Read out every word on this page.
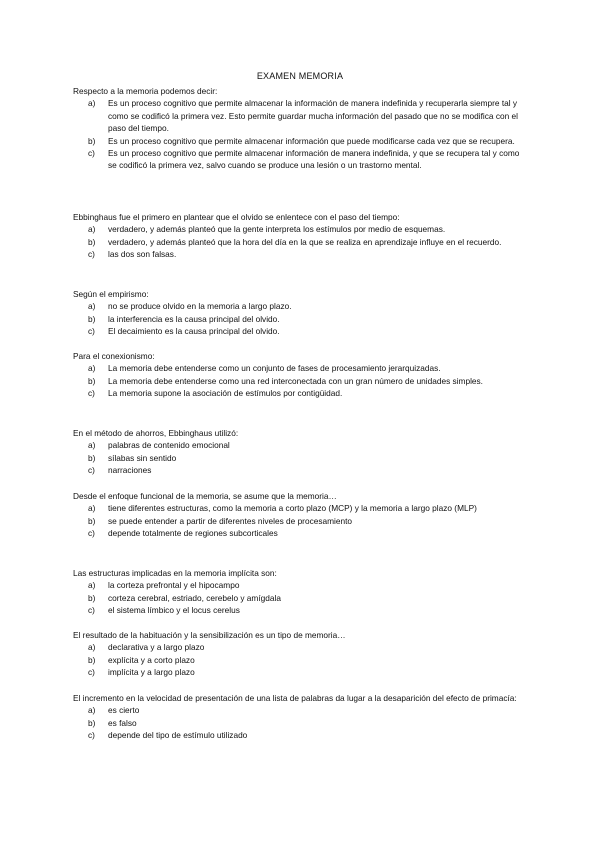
EXAMEN MEMORIA

Respecto a la memoria podemos decir:

a) Es un proceso cognitivo que permite almacenar la información de manera indefinida y recuperarla siempre tal y como se codificó la primera vez. Esto permite guardar mucha información del pasado que no se modifica con el paso del tiempo.
b) Es un proceso cognitivo que permite almacenar información que puede modificarse cada vez que se recupera.
c) Es un proceso cognitivo que permite almacenar información de manera indefinida, y que se recupera tal y como se codificó la primera vez, salvo cuando se produce una lesión o un trastorno mental.

Ebbinghaus fue el primero en plantear que el olvido se enlentece con el paso del tiempo:

a) verdadero, y además planteó que la gente interpreta los estímulos por medio de esquemas.
b) verdadero, y además planteó que la hora del día en la que se realiza en aprendizaje influye en el recuerdo.
c) las dos son falsas.

Según el empirismo:

a) no se produce olvido en la memoria a largo plazo.
b) la interferencia es la causa principal del olvido.
c) El decaimiento es la causa principal del olvido.

Para el conexionismo:

a) La memoria debe entenderse como un conjunto de fases de procesamiento jerarquizadas.
b) La memoria debe entenderse como una red interconectada con un gran número de unidades simples.
c) La memoria supone la asociación de estímulos por contigüidad.

En el método de ahorros, Ebbinghaus utilizó:

a) palabras de contenido emocional
b) sílabas sin sentido
c) narraciones

Desde el enfoque funcional de la memoria, se asume que la memoria…

a) tiene diferentes estructuras, como la memoria a corto plazo (MCP) y la memoria a largo plazo (MLP)
b) se puede entender a partir de diferentes niveles de procesamiento
c) depende totalmente de regiones subcorticales

Las estructuras implicadas en la memoria implícita son:

a) la corteza prefrontal y el hipocampo
b) corteza cerebral, estriado, cerebelo y amígdala
c) el sistema límbico y el locus cerelus

El resultado de la habituación y la sensibilización es un tipo de memoria…

a) declarativa y a largo plazo
b) explícita y a corto plazo
c) implícita y a largo plazo

El incremento en la velocidad de presentación de una lista de palabras da lugar a la desaparición del efecto de primacía:

a) es cierto
b) es falso
c) depende del tipo de estímulo utilizado
